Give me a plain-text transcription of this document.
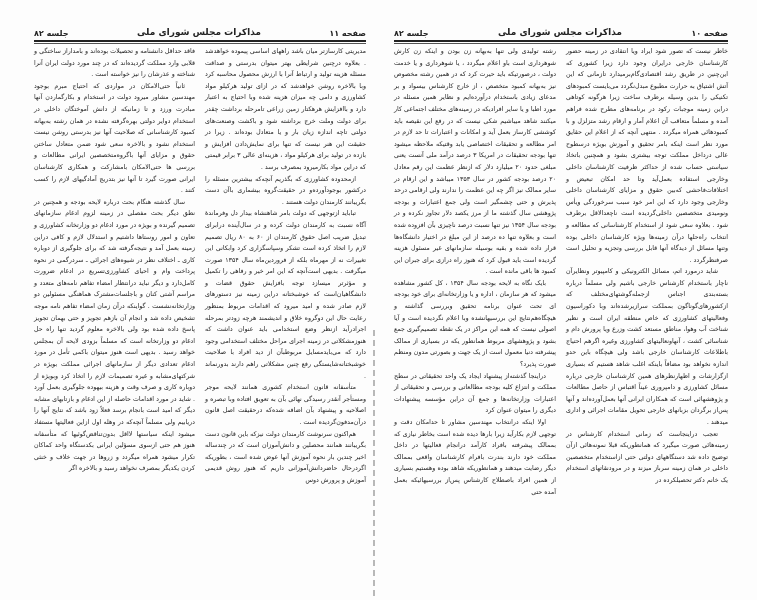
صفحه ۱۱
مذاکرات مجلس شورای ملی
جلسه ۸۲

مدیریتی کارسازتر میان باشد راههای اساسی پیموده خواهدشد . بعلاوه درچنین شرایطی بهتر میتوان بدرستی و صداقت مسئله هزینه تولید و ارتباط آنرا با ارزش محصول محاسبه کرد وبا بالاخره روشن خواهدشد که در ازای تولید هرکیلو مواد کشاورزی و دامی چه میزان هزینه شده وبا احتیاج به اعتبار دارد و باافزایش هرهکتار زمین زراعی تامرحله برداشت چقدر برای دولت وملت خرج برداشته شود و باکشت وصنعت‌های دولتی تاچه اندازه زیان بار و یا متعادل بوده‌اند . زیرا در حقیقت این هنر نیست که تنها برای نمایش‌دادن افزایش و بازده در تولید برای هرکیلو مواد ، هزینه‌ای عالی ۳ برابر قیمتی که دراین مواد بکارمیرود بمصرف برسد .

ازمحدوده کشاورزی که بگذریم آنچه‌که بیشترین مسئله را درکشور بوجودآورده‌و در حقیقت‌گروه بیشماری باآن دست بگریبانند کارمندان دولت هستند .

تباباید ازتوجهی که دولت بامر شاهنشاه بیدار دل وفرماندهٔ آگاه نسبت به کارمندان دولت کرده و در سال‌آینده درابرای تبدیل ضریب اصل حقوق کارمندان از ۶۰ به ۸۰ ریال تصمیم لازم را اتخاذ کرده است تشکر وسپاسگزاری کرد وابکانی این تغییرات نه از مهرماه بلکه از فروردین‌ماه سال ۱۳۵۴ صورت میگرفت . بدیهی است‌آنچه که این امر خیر و رفاهی را تکمیل و مؤثرتر میسازد توجه بافزایش حقوق قضات و دانشگاهیان‌است که خوشبختانه دراین زمینه نیز دستورهای لازم صادر شده و امید میرود که اقدامات مربوط بمنظور رعایت حال این دوگروه خلاق و اندیشمند هرچه زودتر بمرحله اجرادرآید ازنظر وضع استخدامی باید عنوان داشت که هنوزمشکلاتی در زمینه اجرای مراحل مختلف استخدامی وجود دارد که می‌بایدمسایل مربوطبآن از دید افراد با صلاحیت خوشبختانه‌شایستگی رفع چنین مشکلاتی راهم دارند بدورنماند .

متأسفانه قانون استخدام کشوری همانند لایحه موجر ومستأجر آنقدر رسیدگی نهائی بآن به تعویق افتاده وبا تبصره و اصلاحیه و پیشنهاد بآن اضافه شده‌که درحقیقت اصل قانون درآن‌مدفون‌گردیده است .

هم‌اکنون سرنوشت کارمندان دولت نیزکه باین قانون دست بگریبانند همانند محصلین و دانش‌آموزان است که در چندساله اخیر چندین بار نحوه آموزش آنها عوض شده است ، بطوریکه اگردرحال حاضردانش‌آموزانی داریم که هنوز روش قدیمی آموزش و پرورش دوس

فاقد حداقل دانشنامه و تحصیلات بوده‌اند و بامداراز ساختگی و قلابی وارد مملکت گردیده‌اند که در چند مورد دولت ایران آنرا شناخته و عذرشان را نیز خواسته است .

ثانیاً حتی‌الامکان در مواردی که احتیاج مبرم بوجود مهندسین مشاور میرود دولت در استخدام و بکارگماردن آنها مبادرت ورزد و تا زمانیکه از دانش آموختگان داخلی در استخدام دوایر دولتی بهره‌گرفته نشده در همان رشته به‌بهانه کمبود کارشناسانی که صلاحیت آنها نیز بدرستی روشن نیست استخدام نشود و بالاخره سعی شود ضمن متعادل ساختن حقوق و مزایای آنها باگروه‌متخصصین ایرانی مطالعات و بررسی ها حتی‌الامکان بامشارکت و همکاری کارشناسان ایرانی صورت گیرد تا آنها نیز بتدریج آمادگیهای لازم را کسب کنند .

سال گذشته هنگام بحث درباره لایحه بودجه و همچنین در نطق دیگر بحث مفصلی در زمینه لزوم ادغام سازمانهای تصمیم گیرنده و بویژه در مورد ادغام دو وزارتخانه کشاورزی و تعاون و امور روستاها داشتیم و استدلال لازم و کافی دراین زمینه بعمل آمد و نتیجه‌گرفته شد که برای جلوگیری از دوباره کاری ـ اختلاف نظر در شیوه‌های اجرائی ـ سردرگمی در نحوه پرداخت وام و احیای کشاورزی‌تسریع در ادغام ضرورت کامل‌دارد و دیگر نباید درانتظار امضاء تفاهم نامه‌های متعدد و مراسم آشتی کنان و باجلسات‌مشترک هماهنگی مسئولین دو وزارتخانه‌نشست . گواینکه درآن زمان امضاء تفاهم نامه موجه تشخیص داده شد و انجام آن بازهم تجویز و حتی بهمان تجویز پاسخ داده شده بود ولی بالاخره معلوم گردید تنها راه حل ادغام دو وزارتخانه است که مسلماً بزودی لایحه آن بمجلس خواهد رسید . بدیهی است هنوز میتوان باکمی تأمل در مورد ادغام تعدادی دیگر از سازمانهای اجرائی مملکت بویژه در شرکتهای‌مشابه و غیره تصمیمات لازم را اتخاذ کرد وبویژه از دوباره کاری و صرف وقت و هزینه بیهوده جلوگیری بعمل آورد . شاید در مورد اقدامات حاصله از این ادغام و بازتابهای مشابه دیگر که امید است بانجام برسد فعلاً زود باشد که نتایج آنها را دریابیم ولی مسلماً آنچه‌که در وهله اول ازاین فعالیتها مستفاد میشود اینکه سیاستها لااقل بدون‌تناقض‌گوئیها که متأسفانه هنوز هم حتی از‌سوی مسؤلین ایرانی بکدستگاه واحد کماکان تکرار میشود همراه میگردد و زروها در جهت خلاف و خنثی کردن یکدیگر بمصرف نخواهد رسید و بالاخره اگر

صفحه ۱۰
مذاکرات مجلس شورای ملی
جلسه ۸۲

خاطر نیست که تصور شود ایراد ویا انتقادی در زمینه حضور کارشناسان خارجی درایران وجود دارد زیرا کشوری که این‌چنین در طریق رشد اقتصادی‌گام‌برمیدارد تازمانی که این آتش اشتیاق به حرارت مطبوع مبدل‌نگردد می‌بایست کمبودهای تکنیکی را بدین وسیله برطرف ساخت زیرا هرگونه کوتاهی دراین زمینه موجبات رکود در برنامه‌های مطرح شده فراهم آمده و مسلماً متعاقب آن اعلام آمار و ارقام رشد متزلزل و با کمبودهائی همراه میگردد . منتهی آنچه که از اعلام این حقایق مورد نظر است اینکه بامر تحقیق و آموزش بویژه درسطوح عالی درداخل مملکت توجه بیشتری بشود و همچنین باتخاذ سیاستی حساب شده از حداکثر ظرفیت کارشناسان داخلی وخارجی استفاده بعمل‌آید وتا حد امکان تبعیض و اختلافات‌فاحشی که‌بین حقوق و مزایای کارشناسان داخلی وخارجی وجود دارد که این امر خود سبب سرخوردگی ویأس ونومیدی متخصصین داخلی‌گردیده است ناچعدالاقل برطرف شود . بعلاوه سعی شود از استخدام کارشناسانی که مطالعه و انتخاب راه‌حلها درآن زمینه‌ها ویژه کارشناسان داخلی بوده وتنها مسائل از دیدگاه آنها قابل بررسی وتجزیه و تحلیل است صرفنظرگردد .

شاید درمورد اتم، مسائل الکترونیکی و کامپیوتر ونظایرآن ناچار باستخدام کارشناس خارجی باشیم ولی مسلماً درباره بسته‌بندی اجناس ازجمله‌گوشتهای‌مختلف که ازکشورهای‌گوناگون بمملکت سرازیرشده‌اند وبا دکوراسیون وفعالیتهای کشاورزی که خاص منطقه ایران است و نظیر شناخت آب وهوا، مناطق مستعد کشت وزرع ویا پرورش دام و شناسائی کشت ، آنهاونعالیتهای کشاورزی وغیره اگرهم احتیاج باطلاعات کارشناسان خارجی باشد ولی هیچگاه باین حدو اندازه نخواهد بود مضافاً باینکه اغلب شاهد هستیم که بسیاری ازگزارشات و اظهارنظرهای همین کارشناسان خارجی درباره مسائل کشاورزی و دامپروری عیناً اقتباس از حاصل مطالعات و پژوهشهائی است که همکاران ایرانی آنها بعمل‌آورده‌اند و آنها پس‌از برگردان بزبانهای خارجی تحویل مقامات اجرائی و اداری میدهند .

تعجب دراینجاست که زمانی استخدام کارشناس در زمینه‌هائی صورت میگیرد که همانطوریکه قبلا نمونه‌هائی ازآن توضیح داده شد دستگاههای دولتی حتی ازاستخدام متخصصین داخلی در همان زمینه سرباز میزند و در مرودنقاتهای استخدام یک خانم دکتر تحصیلکرده در

رشته تولیدی ولی تنها به‌بهانه زن بودن و اینکه زن کارش شوهرداری است باو اعلام میگردد ، یا شوهرداری و یا خدمت دولت ، درصورتیکه باید حیرت کرد که در همین رشته مخصوص نیز به‌بهانه کمبود متخصص ، از خارج کارشناس بیسواد و بر مدعای زیادی باستخدام درآورده‌ایم و نظایر همین مسئله در مورد اطبا و یا سایر افرادیکه در زمینه‌های مختلف اجتماعی کار میکنند شاهد میباشیم شکی نیست که در رفع این نقیصه باید کوششی کارساز بعمل آید و امکانات و اعتبارات تا حد لازم در امر مطالعه و تحقیقات اختصاصی یابد وقتیکه ملاحظه میشود تنها بودجه تحقیقات در امریکا ۳ درصد درآمد ملی آنست یعنی مبلغی حدود ۲۰ میلیارد دلار که ازنظر عظمت این رقم معادل ۲۰ درصد بودجه کشور در سال ۱۳۵۳ میباشد و این ارقام در سایر ممالک نیز اگر چه این عظمت را ندارند ولی ارقامی درحد پذیرش و حتی چشمگیر است ولی جمع اعتبارات و بودجه پژوهشی سال گذشته ما از مرز یکصد دلار تجاوز نکرده و در بودجه سال ۱۳۵۴ نیز تنها نسبت درصد ناچیزی بآن افزوده شده است و بعلاوه تنها ده درصد از این مبلغ در اختیار دانشگاه‌ها قرار داده شده و بقیه بوسیله سازمانهای غیر مسئول هزینه گردیده است باید قبول کرد که هنوز راه درازی برای جبران این کمبود ها باقی مانده است .

بایک نگاه به لایحه بودجه سال ۱۳۵۴ ، کل کشور مشاهده میشود که هر سازمان ، اداره و یا وزارتخانه‌ای برای خود بودجه ای تحت عنوان برنامه تحقیق وبررسی گذاشته و هیچگاه‌هم‌نتایج این بررسیهانشده وبا اعلام نگردیده است و آیا اصولی نیست که همه این مراکز در یک نقطه تصمیم‌گیری جمع بشود و پژوهشهای مربوط همانطور یکه در بسیاری از ممالک پیشرفته دنیا معمول است از یک جهت و بصورتی مدون ومنظم صورت پذیرد؟

دراینجا گذشته‌از پیشنهاد ایجاد یک واحد تحقیقاتی در سطح مملکت و انتزاع کلیه بودجه مطالعاتی و بررسی و تحقیقاتی از اعتبارات وزارتخانه‌ها و جمع آن دراین مؤسسه پیشنهادات دیگری را میتوان عنوان کرد

اولا اینکه درانتخاب مهندسین مشاور تا حدامکان دقت و توجهی لازم بکارآید زیرا بارها دیده شده است بخاطر نیازی که بممالک پیشرفته بافراد کارآمد درانجام فعالیتها در داخل مملکت خود دارند بندرت بافرام کارشناسان واقعی بممالک دیگر رضایت میدهند و همانطوریکه شاهد بوده‌ وهستیم بسیاری از همین افراد باصطلاح کارشناس پس‌از بررسیهائیکه بعمل آمده حتی
